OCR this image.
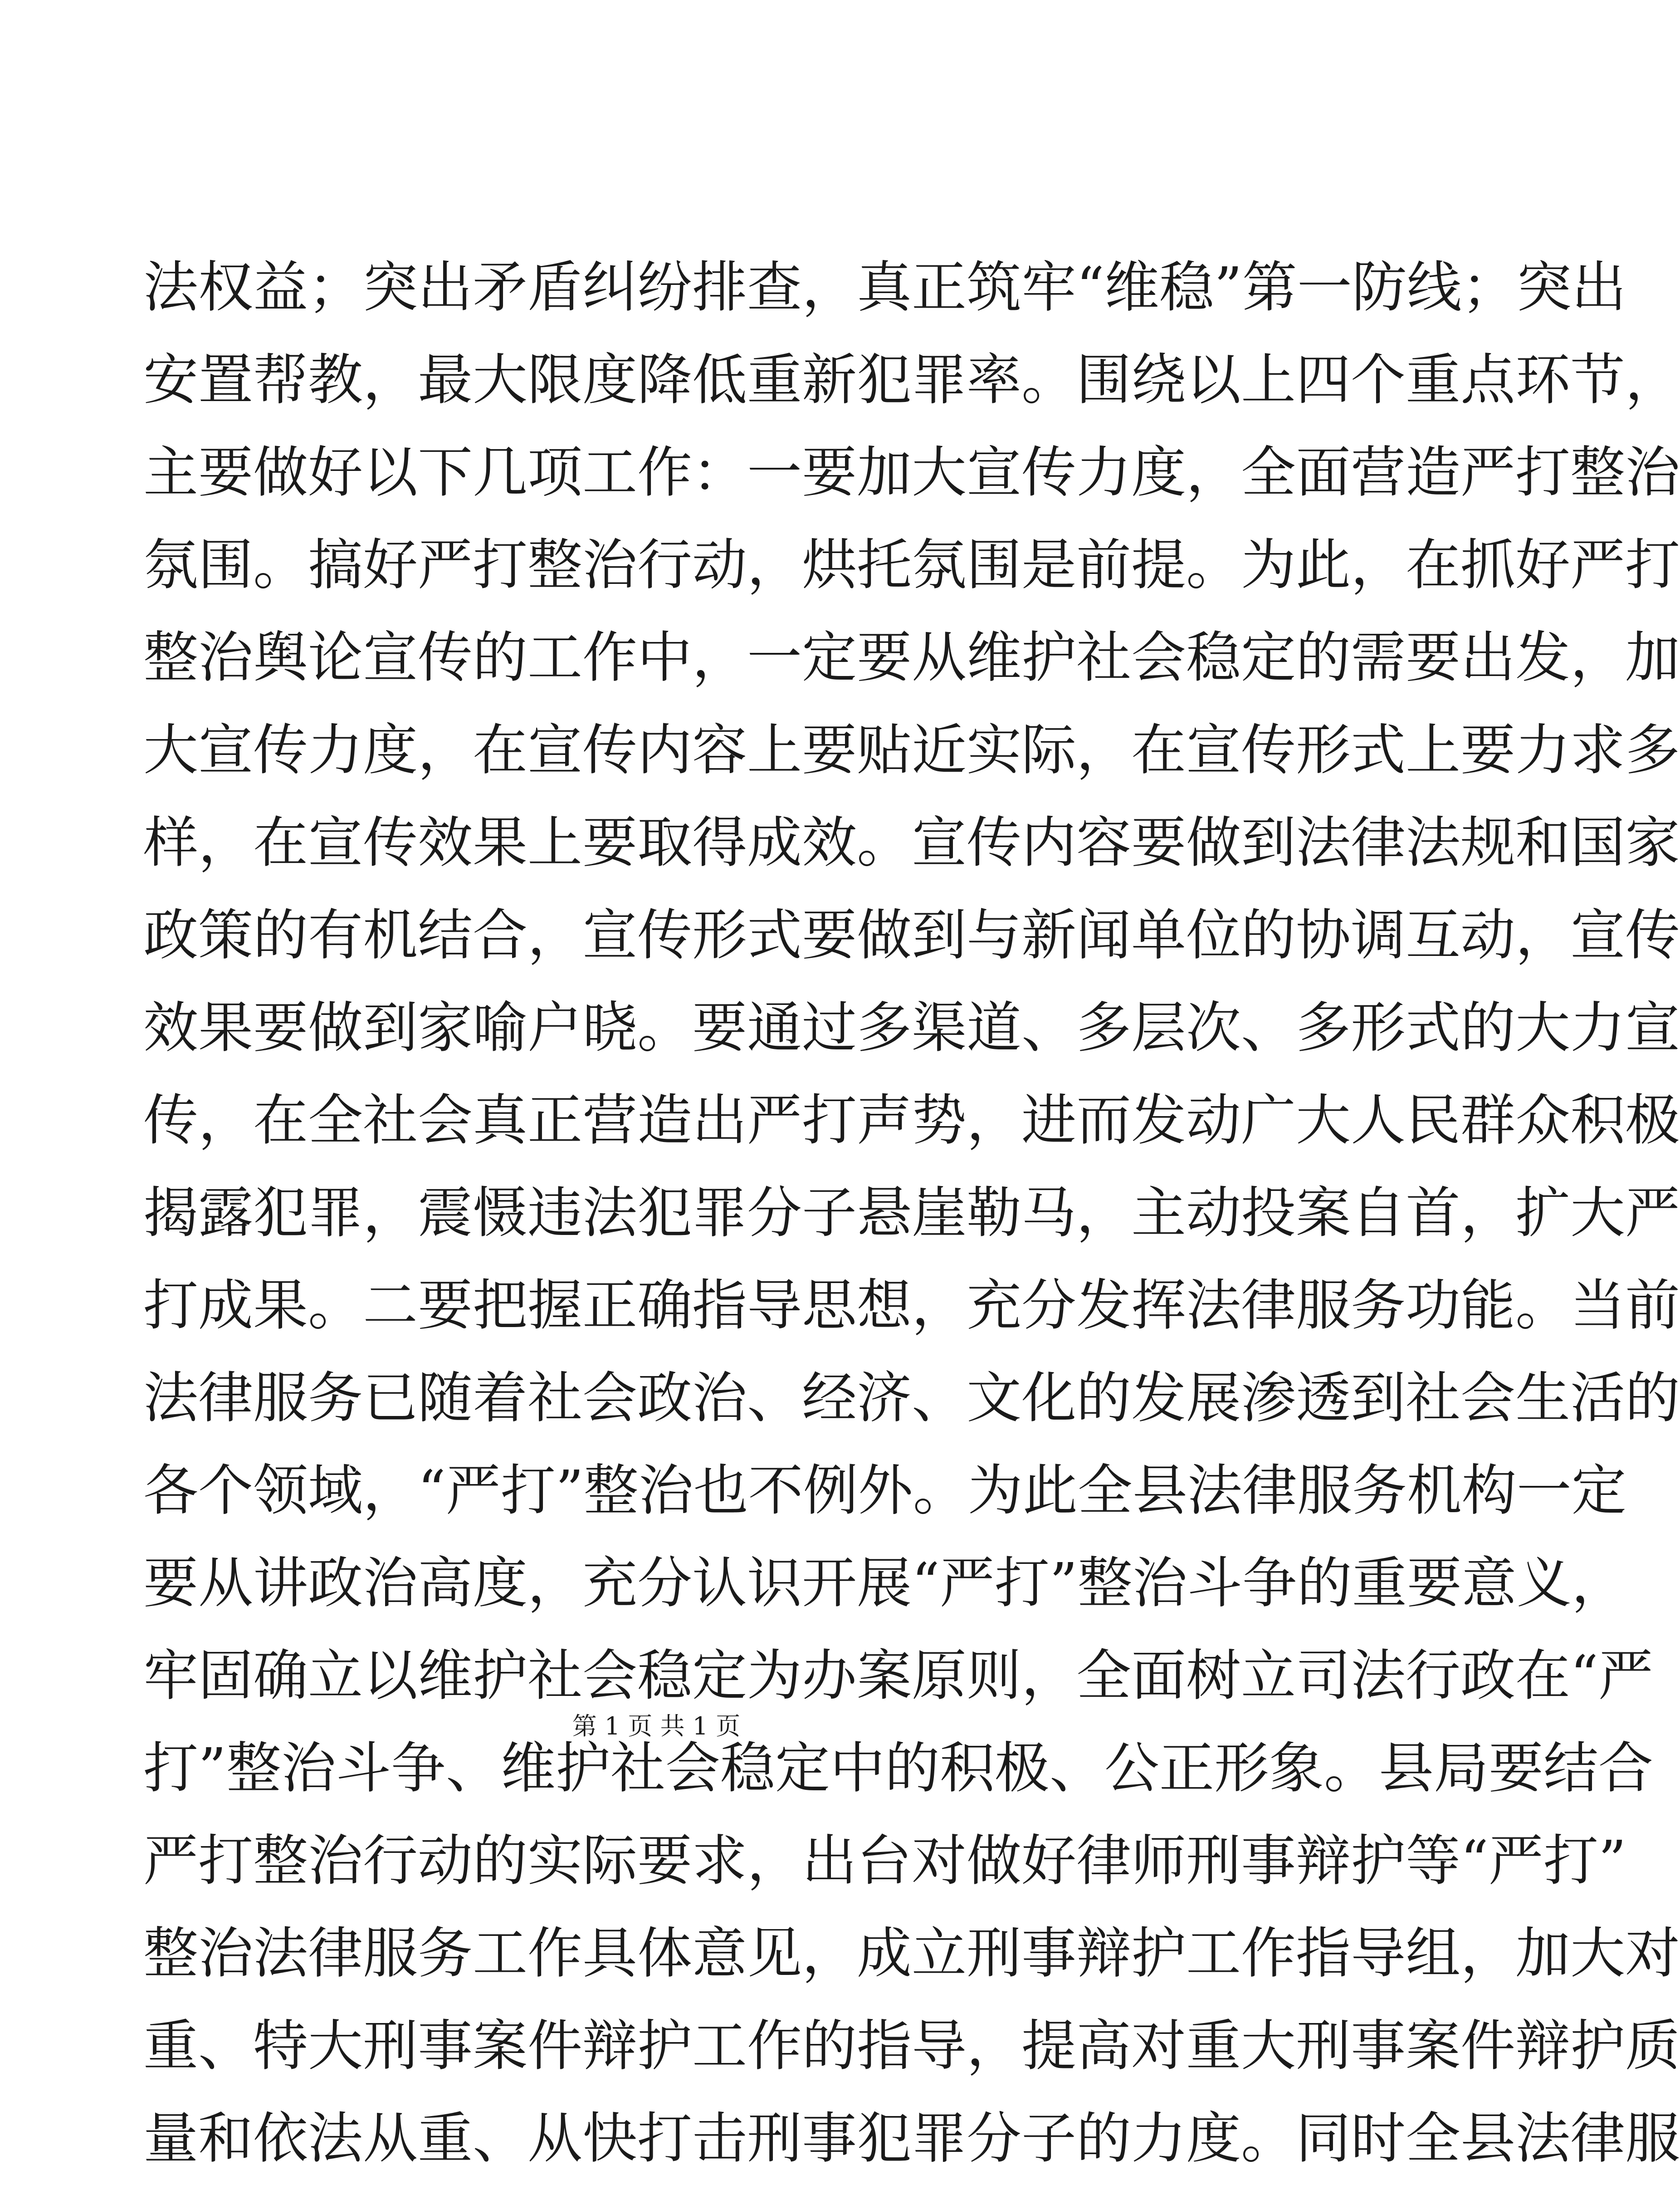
法权益；突出矛盾纠纷排查，真正筑牢“维稳”第一防线；突出
安置帮教，最大限度降低重新犯罪率。围绕以上四个重点环节，
主要做好以下几项工作：一要加大宣传力度，全面营造严打整治
氛围。搞好严打整治行动，烘托氛围是前提。为此，在抓好严打
整治舆论宣传的工作中，一定要从维护社会稳定的需要出发，加
大宣传力度，在宣传内容上要贴近实际，在宣传形式上要力求多
样，在宣传效果上要取得成效。宣传内容要做到法律法规和国家
政策的有机结合，宣传形式要做到与新闻单位的协调互动，宣传
效果要做到家喻户晓。要通过多渠道、多层次、多形式的大力宣
传，在全社会真正营造出严打声势，进而发动广大人民群众积极
揭露犯罪，震慑违法犯罪分子悬崖勒马，主动投案自首，扩大严
打成果。二要把握正确指导思想，充分发挥法律服务功能。当前
法律服务已随着社会政治、经济、文化的发展渗透到社会生活的
各个领域，“严打”整治也不例外。为此全县法律服务机构一定
要从讲政治高度，充分认识开展“严打”整治斗争的重要意义，
牢固确立以维护社会稳定为办案原则，全面树立司法行政在“严
打”整治斗争、维护社会稳定中的积极、公正形象。县局要结合
严打整治行动的实际要求，出台对做好律师刑事辩护等“严打”
整治法律服务工作具体意见，成立刑事辩护工作指导组，加大对
重、特大刑事案件辩护工作的指导，提高对重大刑事案件辩护质
量和依法从重、从快打击刑事犯罪分子的力度。同时全县法律服
第 1 页 共 1 页
